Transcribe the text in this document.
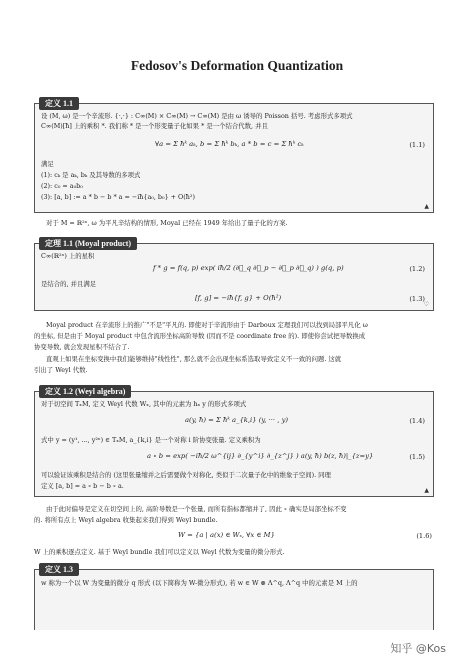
Fedosov's Deformation Quantization
定义 1.1
设 (M, ω) 是一个辛流形. {·,·} : C∞(M) × C∞(M) → C∞(M) 是由 ω 诱导的 Poisson 括号. 考虑形式多项式
C∞(M)[ħ] 上的乘积 *. 我们称 * 是一个形变量子化如果 * 是一个结合代数, 并且
∀a = Σ ħᵏ aₖ, b = Σ ħᵏ bₖ, a * b = c = Σ ħᵏ cₖ	(1.1)
满足
(1): cₖ 是 aₖ, bₖ 及其导数的多项式
(2): c₀ = a₀b₀
(3): [a, b] := a * b − b * a = −iħ{a₀, b₀} + O(ħ²)
▲
对于 M = ℝ²ⁿ, ω 为平凡辛结构的情形, Moyal 已经在 1949 年给出了量子化的方案.
定理 1.1 (Moyal product)
C∞(ℝ²ⁿ) 上的星积
f * g = f(q, p) exp( iħ/2 (∂⃖_q ∂⃗_p − ∂⃖_p ∂⃗_q) ) g(q, p)	(1.2)
是结合的, 并且满足
[f, g] = −iħ{f, g} + O(ħ²)	(1.3)
♡
Moyal product 在辛流形上的推广"不是"平凡的. 即使对于辛流形由于 Darboux 定理我们可以找到局部平凡化 ω
的坐标, 但是由于 Moyal product 中包含流形坐标高阶导数 (因而不是 coordinate free 的). 即使你尝试把导数换成
协变导数, 就会发现星积不结合了.
直观上如果在坐标变换中我们能够维持"线性性", 那么就不会出现坐标系选取导致定义不一致的问题. 这就
引出了 Weyl 代数.
定义 1.2 (Weyl algebra)
对于切空间 TₓM, 定义 Weyl 代数 Wₓ, 其中的元素为 hₓ y 的形式多项式
a(y, ħ) = Σ ħᵏ a_{k,i} (y, ··· , y)	(1.4)
式中 y = (y¹, ..., y²ⁿ) ∈ TₓM, a_{k,i} 是一个对称 i 阶协变张量. 定义乘积为
a ∘ b = exp( −iħ/2 ω^{ij} ∂_{y^i} ∂_{z^j} ) a(y, ħ) b(z, ħ)|_{z=y}	(1.5)
可以验证该乘积是结合的 (这里张量缩并之后需要做个对称化, 类似于二次量子化中的维象子空间). 同理
定义 [a, b] = a ∘ b − b ∘ a.
▲
由于此时偏导是定义在切空间上的, 高阶导数是一个张量, 而所有指标都缩并了, 因此 ∘ 确实是局部坐标不变
的. 将所有点上 Weyl algebra 收集起来我们得到 Weyl bundle.
W = {a | a(x) ∈ Wₓ, ∀x ∈ M}	(1.6)
W 上的乘积逐点定义. 基于 Weyl bundle 我们可以定义以 Weyl 代数为变量的微分形式.
定义 1.3
w 称为一个以 W 为变量的微分 q 形式 (以下简称为 W-微分形式), 若 w ∈ W ⊗ Λ^q, Λ^q 中的元素是 M 上的
知乎 @Kos
